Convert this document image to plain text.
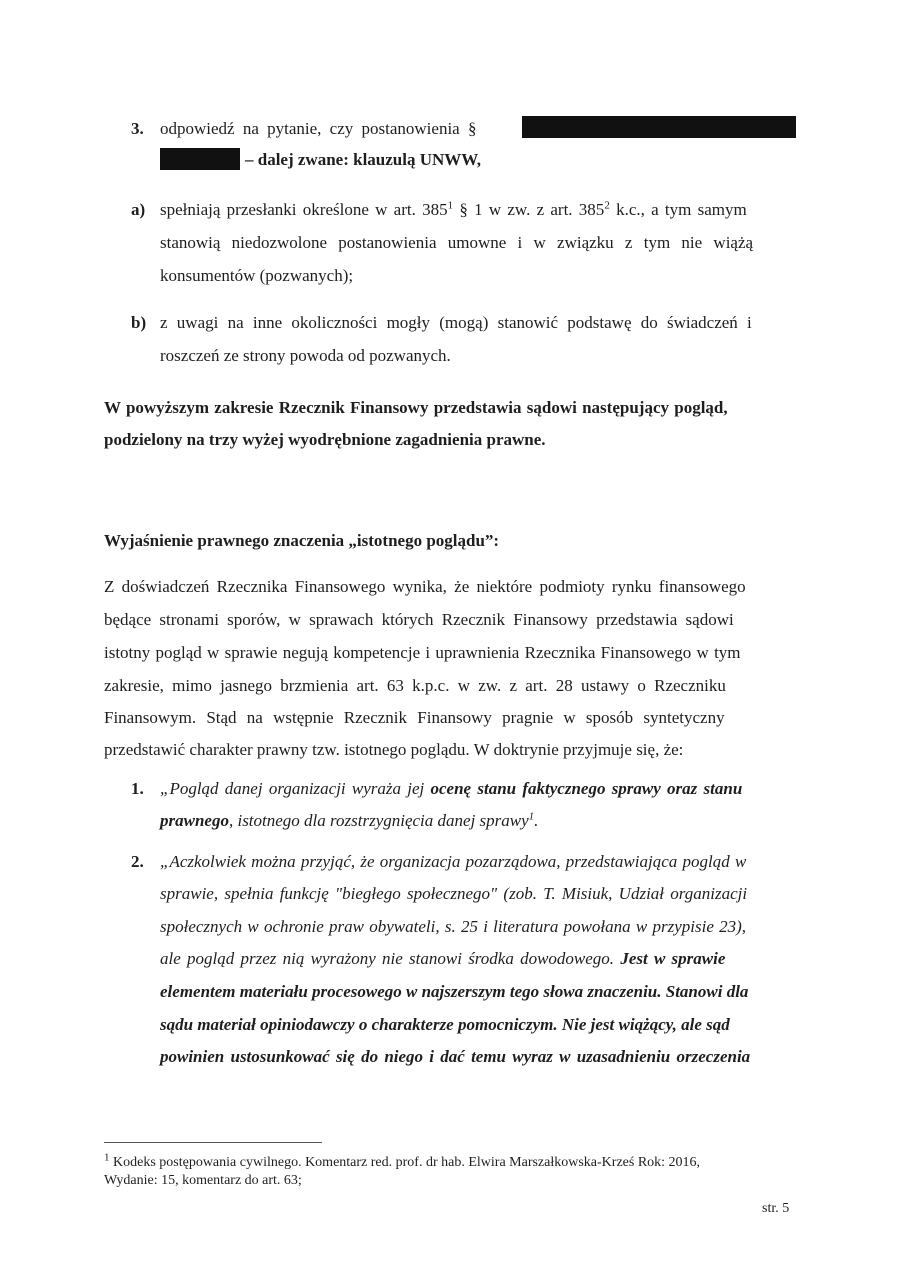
3. odpowiedź na pytanie, czy postanowienia §
– dalej zwane: klauzulą UNWW,
a) spełniają przesłanki określone w art. $385^1$ § 1 w zw. z art. $385^2$ k.c., a tym samym
stanowią niedozwolone postanowienia umowne i w związku z tym nie wiążą
konsumentów (pozwanych);
b) z uwagi na inne okoliczności mogły (mogą) stanowić podstawę do świadczeń i
roszczeń ze strony powoda od pozwanych.
W powyższym zakresie Rzecznik Finansowy przedstawia sądowi następujący pogląd,
podzielony na trzy wyżej wyodrębnione zagadnienia prawne.
Wyjaśnienie prawnego znaczenia „istotnego poglądu”:
Z doświadczeń Rzecznika Finansowego wynika, że niektóre podmioty rynku finansowego
będące stronami sporów, w sprawach których Rzecznik Finansowy przedstawia sądowi
istotny pogląd w sprawie negują kompetencje i uprawnienia Rzecznika Finansowego w tym
zakresie, mimo jasnego brzmienia art. 63 k.p.c. w zw. z art. 28 ustawy o Rzeczniku
Finansowym. Stąd na wstępnie Rzecznik Finansowy pragnie w sposób syntetyczny
przedstawić charakter prawny tzw. istotnego poglądu. W doktrynie przyjmuje się, że:
1. „Pogląd danej organizacji wyraża jej ocenę stanu faktycznego sprawy oraz stanu
prawnego, istotnego dla rozstrzygnięcia danej sprawy$^1$.
2. „Aczkolwiek można przyjąć, że organizacja pozarządowa, przedstawiająca pogląd w
sprawie, spełnia funkcję "biegłego społecznego" (zob. T. Misiuk, Udział organizacji
społecznych w ochronie praw obywateli, s. 25 i literatura powołana w przypisie 23),
ale pogląd przez nią wyrażony nie stanowi środka dowodowego. Jest w sprawie
elementem materiału procesowego w najszerszym tego słowa znaczeniu. Stanowi dla
sądu materiał opiniodawczy o charakterze pomocniczym. Nie jest wiążący, ale sąd
powinien ustosunkować się do niego i dać temu wyraz w uzasadnieniu orzeczenia
$^1$ Kodeks postępowania cywilnego. Komentarz red. prof. dr hab. Elwira Marszałkowska-Krześ Rok: 2016,
Wydanie: 15, komentarz do art. 63;
str. 5
